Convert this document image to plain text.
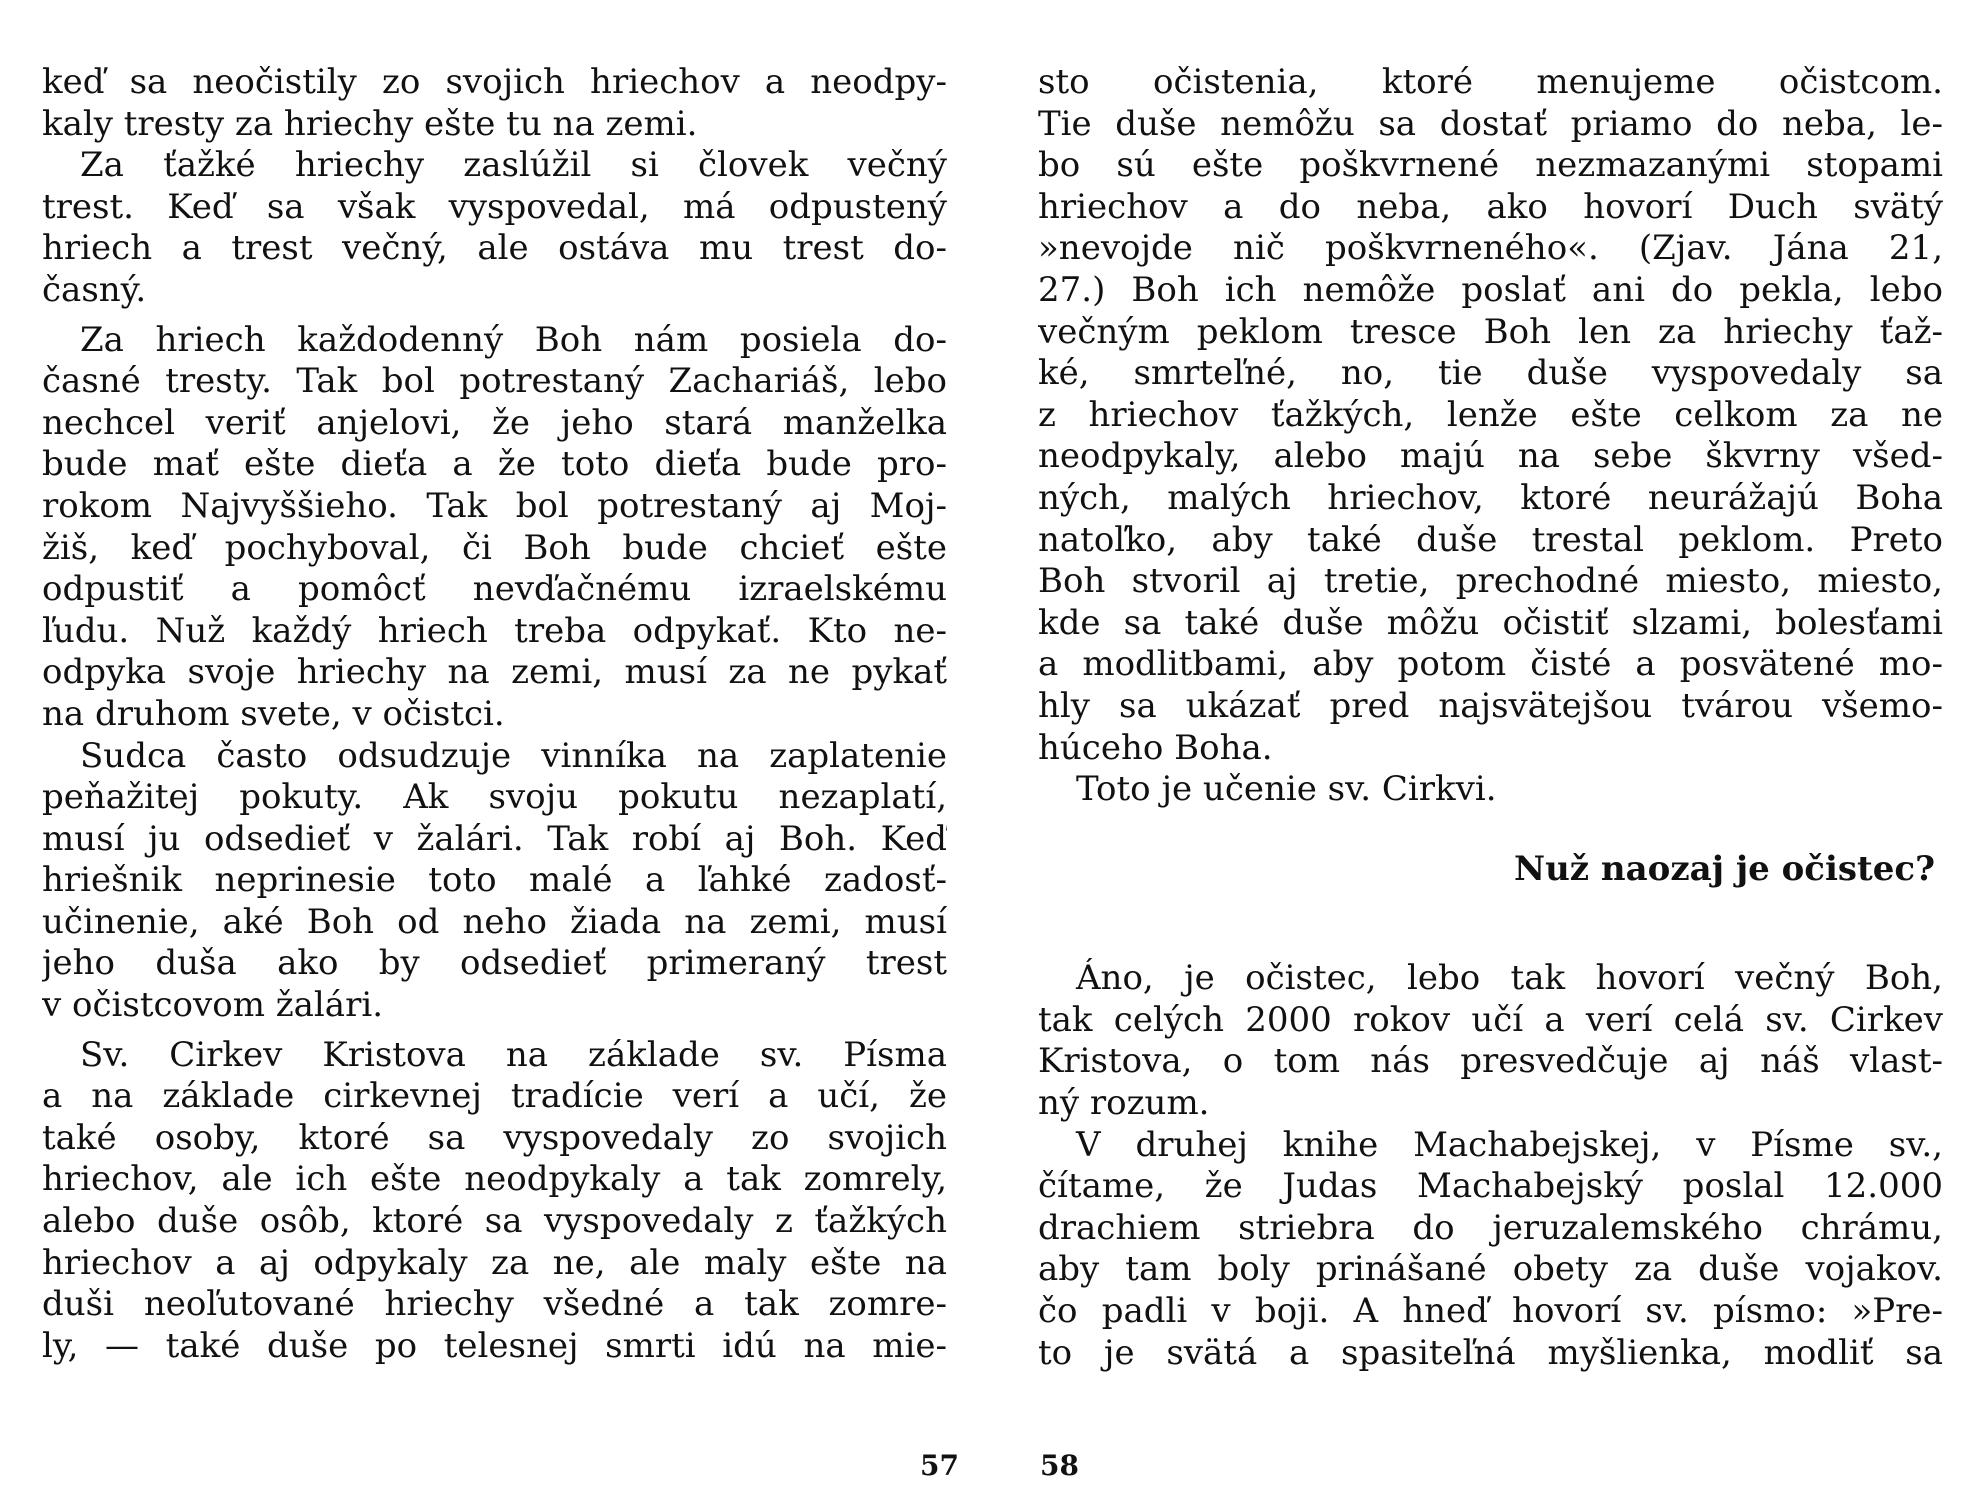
keď sa neočistily zo svojich hriechov a neodpy-
kaly tresty za hriechy ešte tu na zemi.
Za ťažké hriechy zaslúžil si človek večný
trest. Keď sa však vyspovedal, má odpustený
hriech a trest večný, ale ostáva mu trest do-
časný.
Za hriech každodenný Boh nám posiela do-
časné tresty. Tak bol potrestaný Zachariáš, lebo
nechcel veriť anjelovi, že jeho stará manželka
bude mať ešte dieťa a že toto dieťa bude pro-
rokom Najvyššieho. Tak bol potrestaný aj Moj-
žiš, keď pochyboval, či Boh bude chcieť ešte
odpustiť a pomôcť nevďačnému izraelskému
ľudu. Nuž každý hriech treba odpykať. Kto ne-
odpyka svoje hriechy na zemi, musí za ne pykať
na druhom svete, v očistci.
Sudca často odsudzuje vinníka na zaplatenie
peňažitej pokuty. Ak svoju pokutu nezaplatí,
musí ju odsedieť v žalári. Tak robí aj Boh. Keď
hriešnik neprinesie toto malé a ľahké zadosť-
učinenie, aké Boh od neho žiada na zemi, musí
jeho duša ako by odsedieť primeraný trest
v očistcovom žalári.
Sv. Cirkev Kristova na základe sv. Písma
a na základe cirkevnej tradície verí a učí, že
také osoby, ktoré sa vyspovedaly zo svojich
hriechov, ale ich ešte neodpykaly a tak zomrely,
alebo duše osôb, ktoré sa vyspovedaly z ťažkých
hriechov a aj odpykaly za ne, ale maly ešte na
duši neoľutované hriechy všedné a tak zomre-
ly, — také duše po telesnej smrti idú na mie-
sto očistenia, ktoré menujeme očistcom.
Tie duše nemôžu sa dostať priamo do neba, le-
bo sú ešte poškvrnené nezmazanými stopami
hriechov a do neba, ako hovorí Duch svätý
»nevojde nič poškvrneného«. (Zjav. Jána 21,
27.) Boh ich nemôže poslať ani do pekla, lebo
večným peklom tresce Boh len za hriechy ťaž-
ké, smrteľné, no, tie duše vyspovedaly sa
z hriechov ťažkých, lenže ešte celkom za ne
neodpykaly, alebo majú na sebe škvrny všed-
ných, malých hriechov, ktoré neurážajú Boha
natoľko, aby také duše trestal peklom. Preto
Boh stvoril aj tretie, prechodné miesto, miesto,
kde sa také duše môžu očistiť slzami, bolesťami
a modlitbami, aby potom čisté a posvätené mo-
hly sa ukázať pred najsvätejšou tvárou všemo-
húceho Boha.
Toto je učenie sv. Cirkvi.
Nuž naozaj je očistec?
Áno, je očistec, lebo tak hovorí večný Boh,
tak celých 2000 rokov učí a verí celá sv. Cirkev
Kristova, o tom nás presvedčuje aj náš vlast-
ný rozum.
V druhej knihe Machabejskej, v Písme sv.,
čítame, že Judas Machabejský poslal 12.000
drachiem striebra do jeruzalemského chrámu,
aby tam boly prinášané obety za duše vojakov.
čo padli v boji. A hneď hovorí sv. písmo: »Pre-
to je svätá a spasiteľná myšlienka, modliť sa
57	58
